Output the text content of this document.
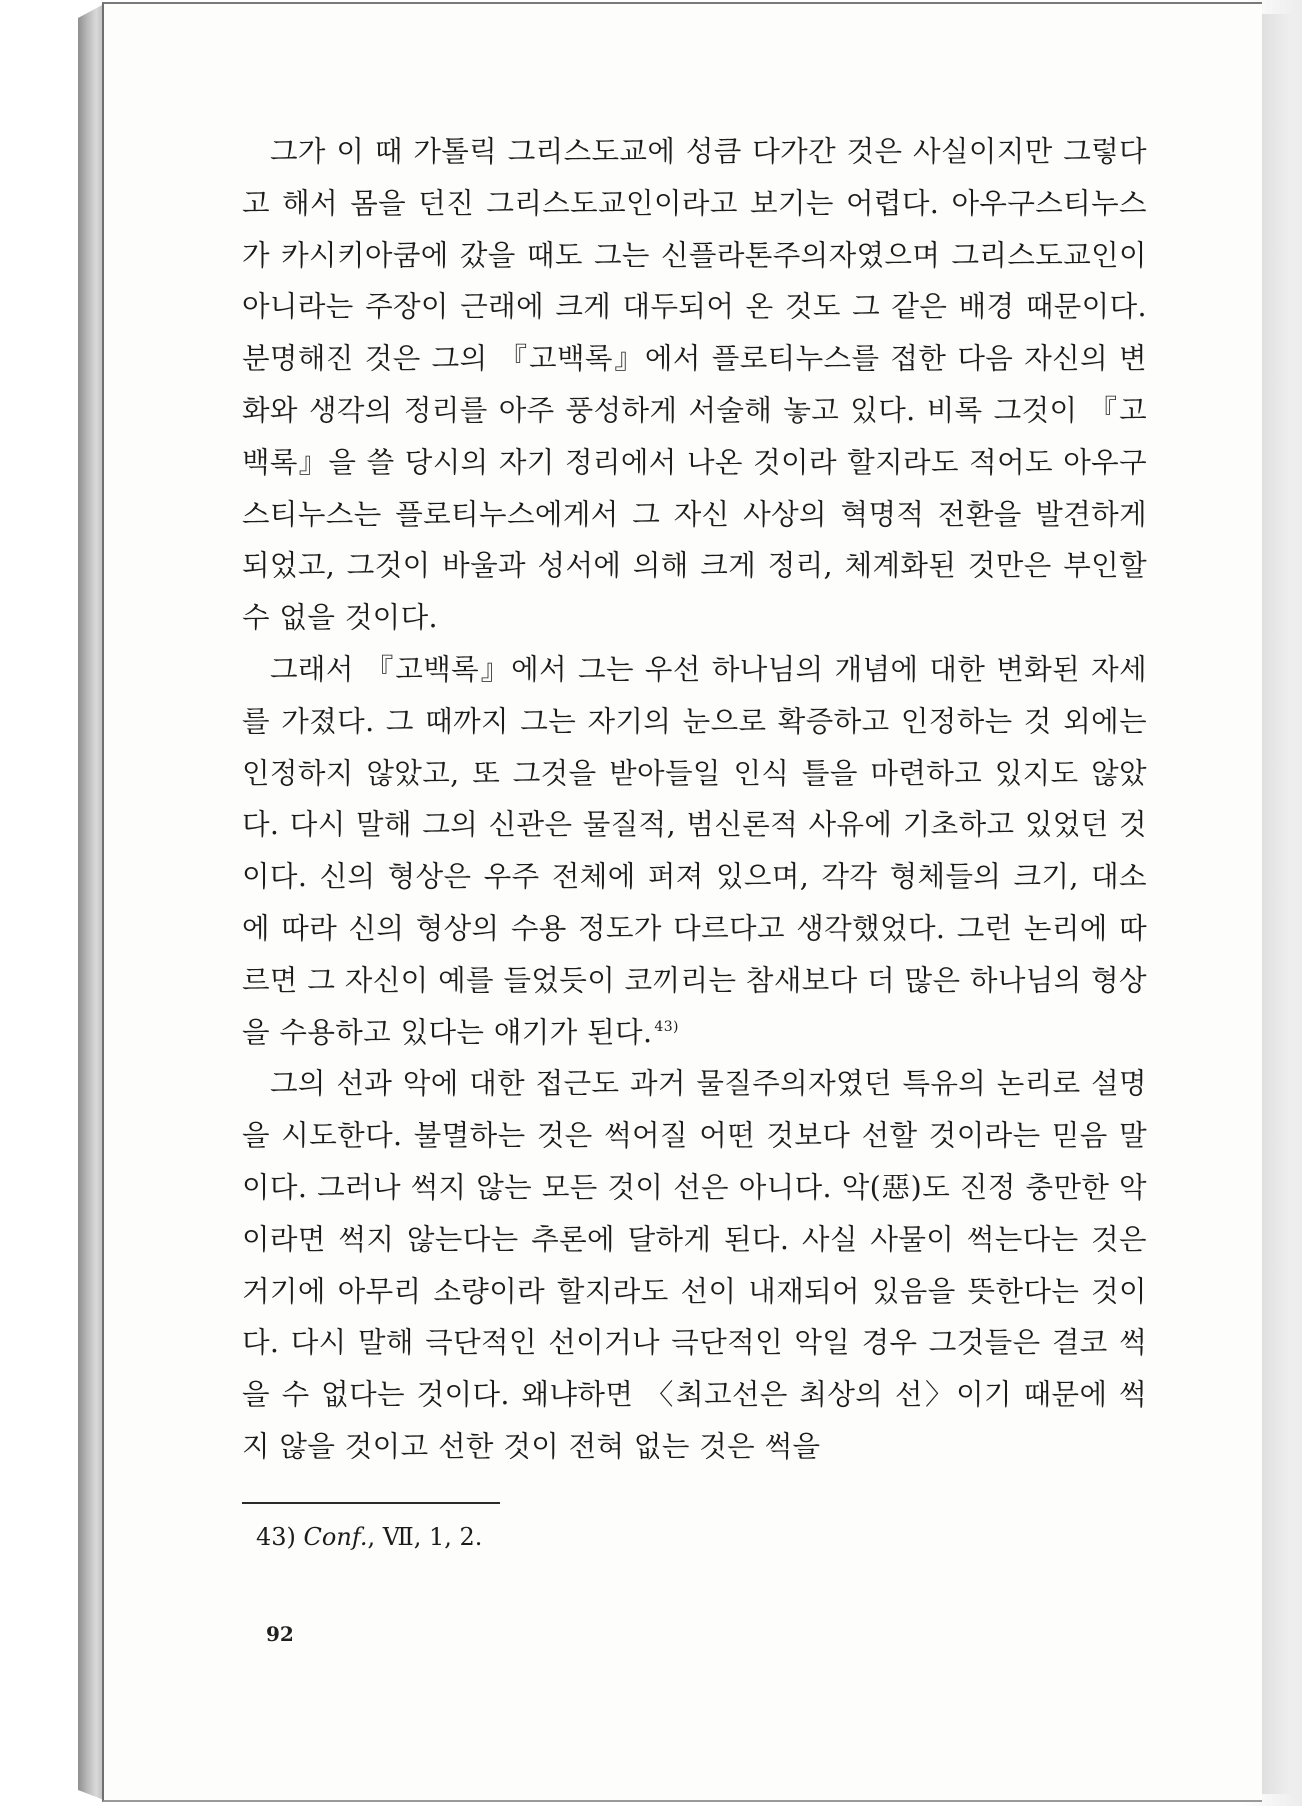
그가 이 때 가톨릭 그리스도교에 성큼 다가간 것은 사실이지만 그렇다고 해서 몸을 던진 그리스도교인이라고 보기는 어렵다. 아우구스티누스가 카시키아쿰에 갔을 때도 그는 신플라톤주의자였으며 그리스도교인이 아니라는 주장이 근래에 크게 대두되어 온 것도 그 같은 배경 때문이다. 분명해진 것은 그의 『고백록』에서 플로티누스를 접한 다음 자신의 변화와 생각의 정리를 아주 풍성하게 서술해 놓고 있다. 비록 그것이 『고백록』을 쓸 당시의 자기 정리에서 나온 것이라 할지라도 적어도 아우구스티누스는 플로티누스에게서 그 자신 사상의 혁명적 전환을 발견하게 되었고, 그것이 바울과 성서에 의해 크게 정리, 체계화된 것만은 부인할 수 없을 것이다.

그래서 『고백록』에서 그는 우선 하나님의 개념에 대한 변화된 자세를 가졌다. 그 때까지 그는 자기의 눈으로 확증하고 인정하는 것 외에는 인정하지 않았고, 또 그것을 받아들일 인식 틀을 마련하고 있지도 않았다. 다시 말해 그의 신관은 물질적, 범신론적 사유에 기초하고 있었던 것이다. 신의 형상은 우주 전체에 퍼져 있으며, 각각 형체들의 크기, 대소에 따라 신의 형상의 수용 정도가 다르다고 생각했었다. 그런 논리에 따르면 그 자신이 예를 들었듯이 코끼리는 참새보다 더 많은 하나님의 형상을 수용하고 있다는 얘기가 된다. $^{43)}$

그의 선과 악에 대한 접근도 과거 물질주의자였던 특유의 논리로 설명을 시도한다. 불멸하는 것은 썩어질 어떤 것보다 선할 것이라는 믿음 말이다. 그러나 썩지 않는 모든 것이 선은 아니다. 악(惡)도 진정 충만한 악이라면 썩지 않는다는 추론에 달하게 된다. 사실 사물이 썩는다는 것은 거기에 아무리 소량이라 할지라도 선이 내재되어 있음을 뜻한다는 것이다. 다시 말해 극단적인 선이거나 극단적인 악일 경우 그것들은 결코 썩을 수 없다는 것이다. 왜냐하면 〈최고선은 최상의 선〉이기 때문에 썩지 않을 것이고 선한 것이 전혀 없는 것은 썩을

43) Conf., Ⅶ, 1, 2.
92
